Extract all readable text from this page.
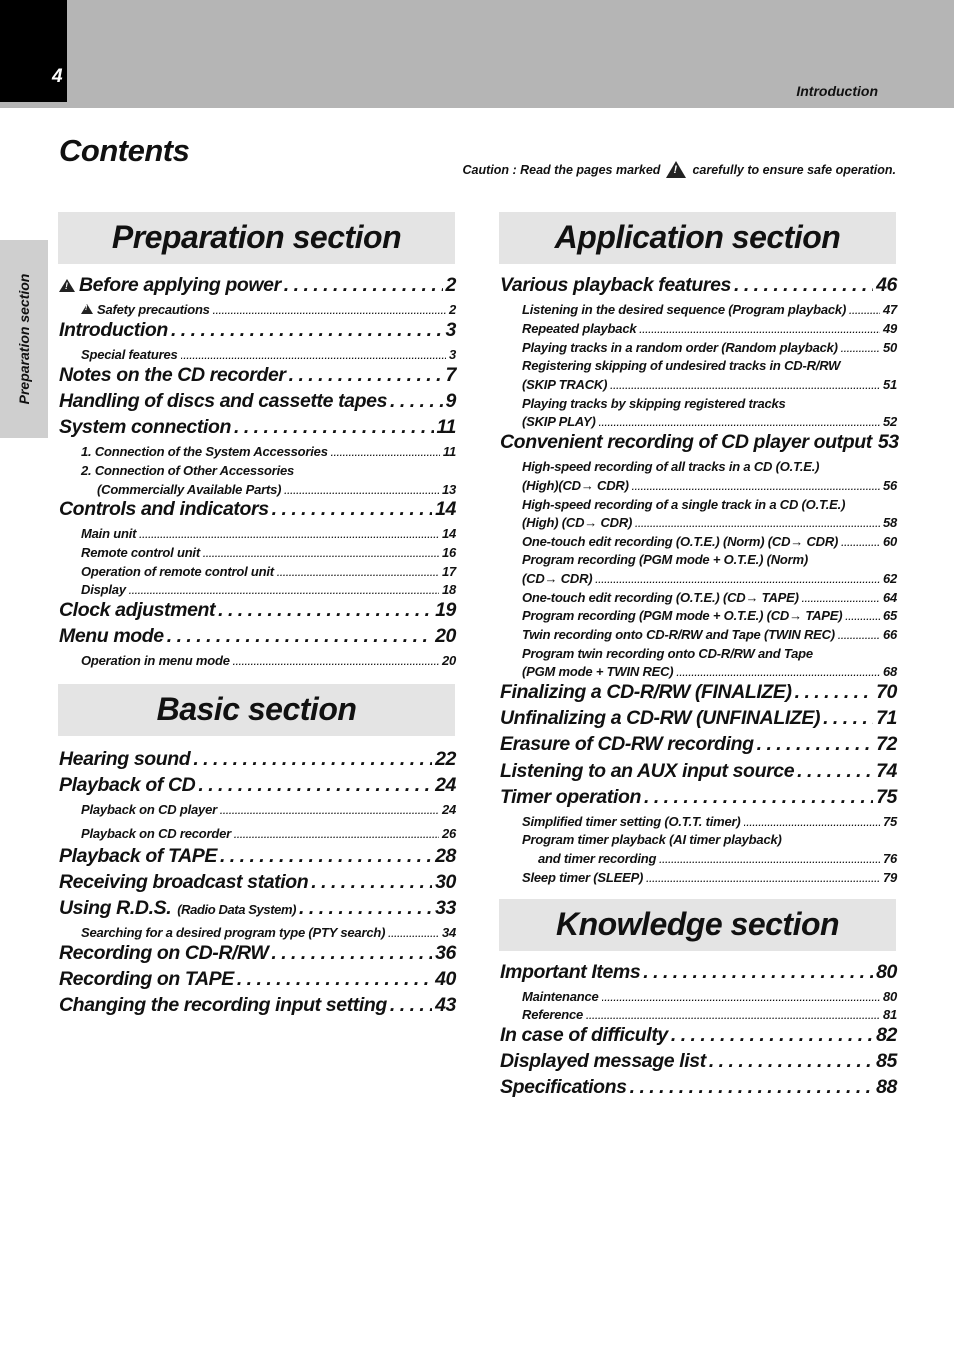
4
Introduction
Preparation section
Contents
Caution : Read the pages marked !	carefully to ensure safe operation.
Preparation section
Basic section
Application section
Knowledge section
!Before applying power . . .	2
!Safety precautions . . .	2
Introduction . . .	3
Special features . . .	3
Notes on the CD recorder . . .	7
Handling of discs and cassette tapes . . .	9
System connection . . .	11
1. Connection of the System Accessories . . .	11
2. Connection of Other Accessories
(Commercially Available Parts) . . .	13
Controls and indicators . . .	14
Main unit . . .	14
Remote control unit . . .	16
Operation of remote control unit . . .	17
Display . . .	18
Clock adjustment . . .	19
Menu mode . . .	20
Operation in menu mode . . .	20
Hearing sound . . .	22
Playback of CD . . .	24
Playback on CD player . . .	24
Playback on CD recorder . . .	26
Playback of TAPE . . .	28
Receiving broadcast station . . .	30
Using R.D.S. (Radio Data System) . . .	33
Searching for a desired program type (PTY search) . . .	34
Recording on CD-R/RW . . .	36
Recording on TAPE . . .	40
Changing the recording input setting . . . 43
Various playback features . . .	46
Listening in the desired sequence (Program playback) . . .	47
Repeated playback . . .	49
Playing tracks in a random order (Random playback) . . .	50
Registering skipping of undesired tracks in CD-R/RW
(SKIP TRACK) . . .	51
Playing tracks by skipping registered tracks
(SKIP PLAY) . . .	52
Convenient recording of CD player output 53
High-speed recording of all tracks in a CD (O.T.E.)
(High)(CD→ CDR) . . .	56
High-speed recording of a single track in a CD (O.T.E.)
(High) (CD→ CDR) . . .	58
One-touch edit recording (O.T.E.) (Norm) (CD→ CDR) . . .	60
Program recording (PGM mode + O.T.E.) (Norm)
(CD→ CDR) . . .	62
One-touch edit recording (O.T.E.) (CD→ TAPE) . . .	64
Program recording (PGM mode + O.T.E.) (CD→ TAPE) . . .	65
Twin recording onto CD-R/RW and Tape (TWIN REC) . . .	66
Program twin recording onto CD-R/RW and Tape
(PGM mode + TWIN REC) . . .	68
Finalizing a CD-R/RW (FINALIZE) . . .	70
Unfinalizing a CD-RW (UNFINALIZE) . . .	71
Erasure of CD-RW recording . . .	72
Listening to an AUX input source . . .	74
Timer operation . . .	75
Simplified timer setting (O.T.T. timer) . . .	75
Program timer playback (AI timer playback)
and timer recording . . .	76
Sleep timer (SLEEP) . . .	79
Important Items . . .	80
Maintenance . . .	80
Reference . . .	81
In case of difficulty . . .	82
Displayed message list . . .	85
Specifications . . .	88
